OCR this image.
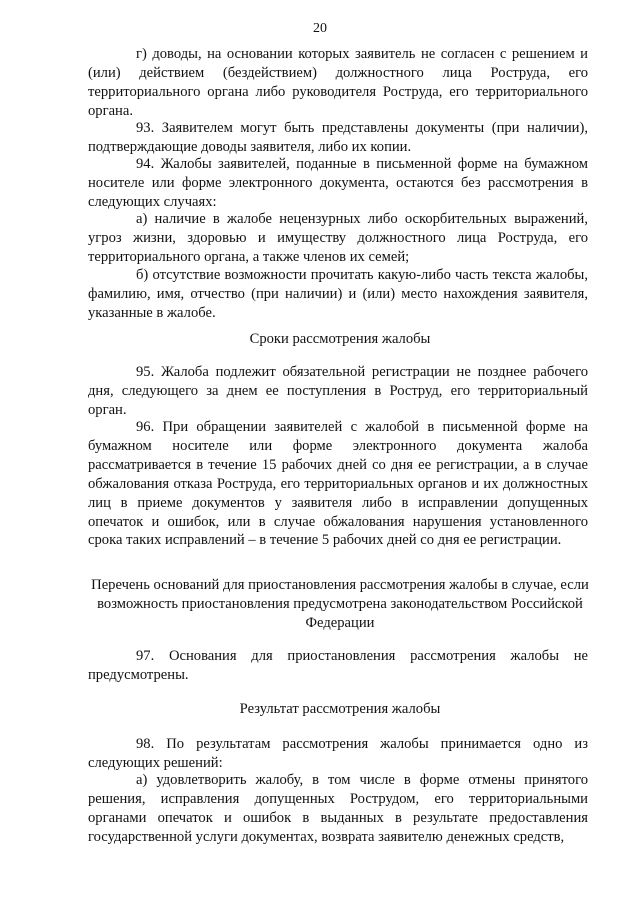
20

г) доводы, на основании которых заявитель не согласен с решением и (или) действием (бездействием) должностного лица Роструда, его территориального органа либо руководителя Роструда, его территориального органа.

93. Заявителем могут быть представлены документы (при наличии), подтверждающие доводы заявителя, либо их копии.

94. Жалобы заявителей, поданные в письменной форме на бумажном носителе или форме электронного документа, остаются без рассмотрения в следующих случаях:

а) наличие в жалобе нецензурных либо оскорбительных выражений, угроз жизни, здоровью и имуществу должностного лица Роструда, его территориального органа, а также членов их семей;

б) отсутствие возможности прочитать какую-либо часть текста жалобы, фамилию, имя, отчество (при наличии) и (или) место нахождения заявителя, указанные в жалобе.

Сроки рассмотрения жалобы

95. Жалоба подлежит обязательной регистрации не позднее рабочего дня, следующего за днем ее поступления в Роструд, его территориальный орган.

96. При обращении заявителей с жалобой в письменной форме на бумажном носителе или форме электронного документа жалоба рассматривается в течение 15 рабочих дней со дня ее регистрации, а в случае обжалования отказа Роструда, его территориальных органов и их должностных лиц в приеме документов у заявителя либо в исправлении допущенных опечаток и ошибок, или в случае обжалования нарушения установленного срока таких исправлений – в течение 5 рабочих дней со дня ее регистрации.

Перечень оснований для приостановления рассмотрения жалобы в случае, если возможность приостановления предусмотрена законодательством Российской Федерации

97. Основания для приостановления рассмотрения жалобы не предусмотрены.

Результат рассмотрения жалобы

98. По результатам рассмотрения жалобы принимается одно из следующих решений:

а) удовлетворить жалобу, в том числе в форме отмены принятого решения, исправления допущенных Рострудом, его территориальными органами опечаток и ошибок в выданных в результате предоставления государственной услуги документах, возврата заявителю денежных средств,
